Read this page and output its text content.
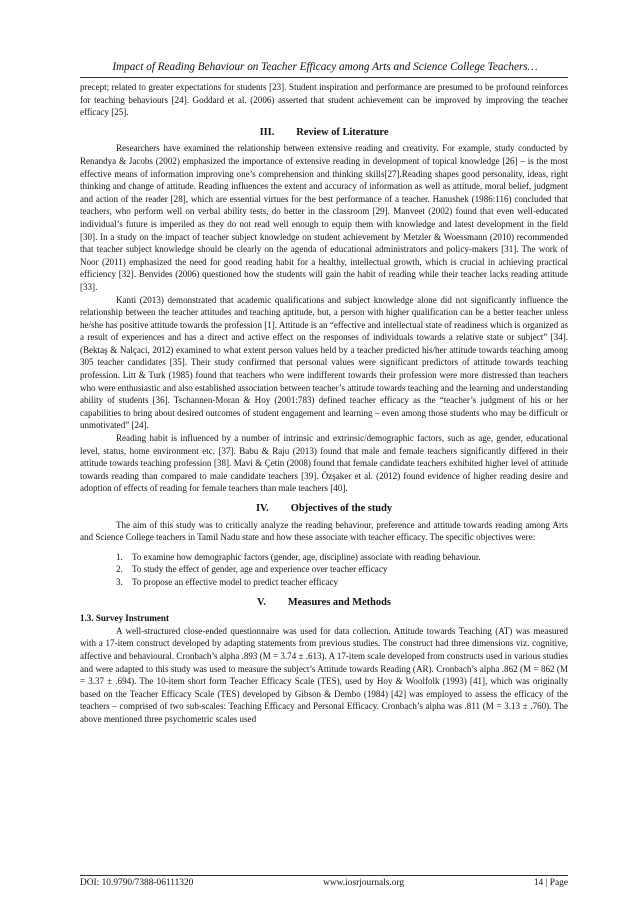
Impact of Reading Behaviour on Teacher Efficacy among Arts and Science College Teachers…

precept; related to greater expectations for students [23]. Student inspiration and performance are presumed to be profound reinforces for teaching behaviours [24]. Goddard et al. (2006) asserted that student achievement can be improved by improving the teacher efficacy [25].

III. Review of Literature

Researchers have examined the relationship between extensive reading and creativity. For example, study conducted by Renandya & Jacobs (2002) emphasized the importance of extensive reading in development of topical knowledge [26] – is the most effective means of information improving one’s comprehension and thinking skills[27].Reading shapes good personality, ideas, right thinking and change of attitude. Reading influences the extent and accuracy of information as well as attitude, moral belief, judgment and action of the reader [28], which are essential virtues for the best performance of a teacher. Hanushek (1986:116) concluded that teachers, who perform well on verbal ability tests, do better in the classroom [29]. Manveet (2002) found that even well-educated individual’s future is imperiled as they do not read well enough to equip them with knowledge and latest development in the field [30]. In a study on the impact of teacher subject knowledge on student achievement by Metzler & Woessmann (2010) recommended that teacher subject knowledge should be clearly on the agenda of educational administrators and policy-makers [31]. The work of Noor (2011) emphasized the need for good reading habit for a healthy, intellectual growth, which is crucial in achieving practical efficiency [32]. Benvides (2006) questioned how the students will gain the habit of reading while their teacher lacks reading attitude [33].

Kanti (2013) demonstrated that academic qualifications and subject knowledge alone did not significantly influence the relationship between the teacher attitudes and teaching aptitude, but, a person with higher qualification can be a better teacher unless he/she has positive attitude towards the profession [1]. Attitude is an “effective and intellectual state of readiness which is organized as a result of experiences and has a direct and active effect on the responses of individuals towards a relative state or subject” [34]. (Bektaş & Nalçaci, 2012) examined to what extent person values held by a teacher predicted his/her attitude towards teaching among 305 teacher candidates [35]. Their study confirmed that personal values were significant predictors of attitude towards teaching profession. Litt & Turk (1985) found that teachers who were indifferent towards their profession were more distressed than teachers who were enthusiastic and also established association between teacher’s attitude towards teaching and the learning and understanding ability of students [36]. Tschannen-Moran & Hoy (2001:783) defined teacher efficacy as the “teacher’s judgment of his or her capabilities to bring about desired outcomes of student engagement and learning – even among those students who may be difficult or unmotivated” [24].

Reading habit is influenced by a number of intrinsic and extrinsic/demographic factors, such as age, gender, educational level, status, home environment etc. [37]. Babu & Raju (2013) found that male and female teachers significantly differed in their attitude towards teaching profession [38]. Mavi & Çetin (2008) found that female candidate teachers exhibited higher level of attitude towards reading than compared to male candidate teachers [39]. Özşaker et al. (2012) found evidence of higher reading desire and adoption of effects of reading for female teachers than male teachers [40].

IV. Objectives of the study

The aim of this study was to critically analyze the reading behaviour, preference and attitude towards reading among Arts and Science College teachers in Tamil Nadu state and how these associate with teacher efficacy. The specific objectives were:

1.	To examine how demographic factors (gender, age, discipline) associate with reading behaviour.
2.	To study the effect of gender, age and experience over teacher efficacy
3.	To propose an effective model to predict teacher efficacy
V. Measures and Methods

1.3. Survey Instrument

A well-structured close-ended questionnaire was used for data collection. Attitude towards Teaching (AT) was measured with a 17-item construct developed by adapting statements from previous studies. The construct had three dimensions viz. cognitive, affective and behavioural. Cronbach’s alpha .893 (M = 3.74 ± .613). A 17-item scale developed from constructs used in various studies and were adapted to this study was used to measure the subject’s Attitude towards Reading (AR). Cronbach’s alpha .862 (M = 862 (M = 3.37 ± .694). The 10-item short form Teacher Efficacy Scale (TES), used by Hoy & Woolfolk (1993) [41], which was originally based on the Teacher Efficacy Scale (TES) developed by Gibson & Dembo (1984) [42] was employed to assess the efficacy of the teachers – comprised of two sub-scales: Teaching Efficacy and Personal Efficacy. Cronbach’s alpha was .811 (M = 3.13 ± .760). The above mentioned three psychometric scales used

DOI: 10.9790/7388-06111320	www.iosrjournals.org	14 | Page
